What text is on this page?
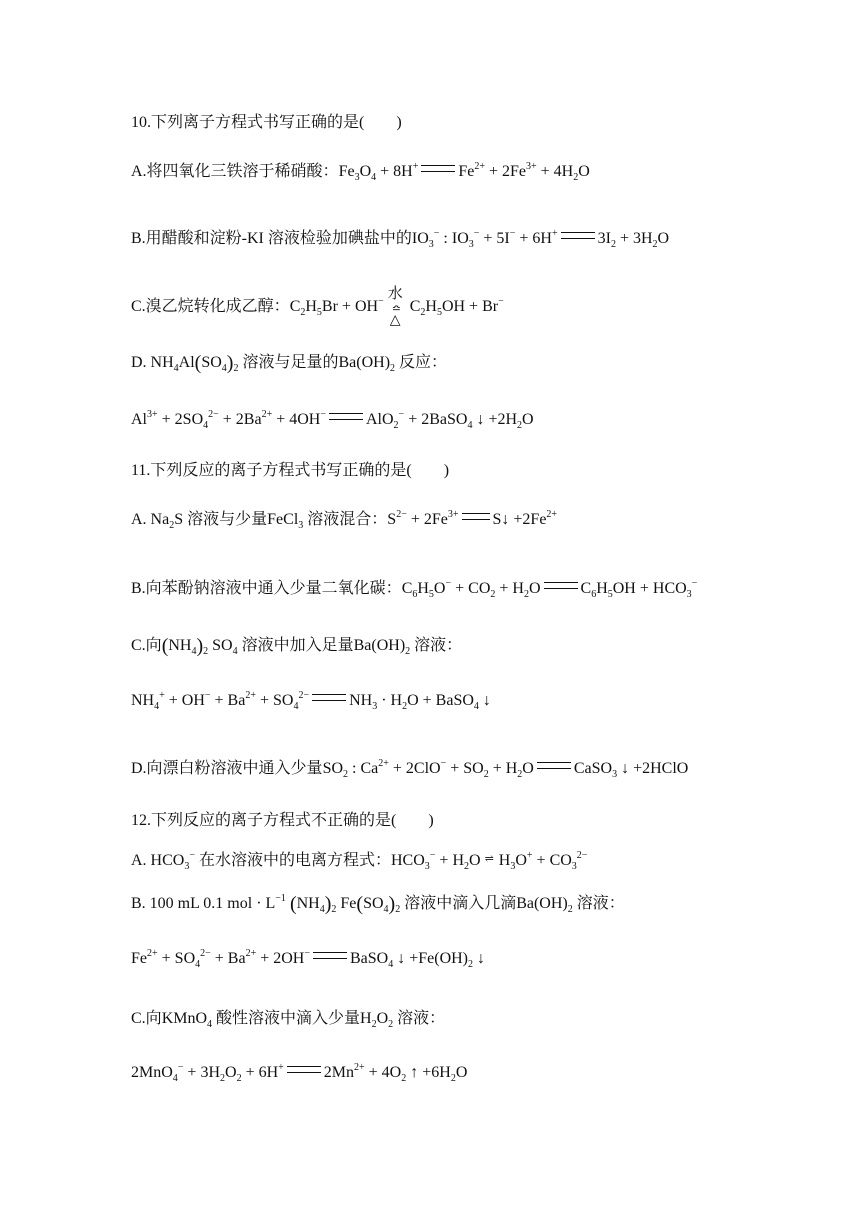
10.下列离子方程式书写正确的是(　　)
A.将四氧化三铁溶于稀硝酸：$Fe_3O_4 + 8H^+$	$Fe^{2+} + 2Fe^{3+} + 4H_2O$
B.用醋酸和淀粉-KI 溶液检验加碘盐中的$IO_3^-$ : $IO_3^- + 5I^- + 6H^+$	$3I_2 + 3H_2O$
C.溴乙烷转化成乙醇：$C_2H_5Br + OH^-$ 水
≏
△
$C_2H_5OH + Br^-$
D. $NH_4Al(SO_4)_2$ 溶液与足量的$Ba(OH)_2$ 反应：
$Al^{3+} + 2SO_4^{2-} + 2Ba^{2+} + 4OH^-$	AlO$_2$− + 2BaSO$_4$ ↓ $+2H_2O$
11.下列反应的离子方程式书写正确的是(　　)
A. $Na_2S$ 溶液与少量FeCl$_3$ 溶液混合：$S^{2-} + 2Fe^{3+}$ S↓ $+2Fe^{2+}$
B.向苯酚钠溶液中通入少量二氧化碳：$C_6H_5O^- + CO_2 + H_2O$	$C_6H_5OH + HCO_3^-$
C.向$(NH_4)_2$ $SO_4$ 溶液中加入足量$Ba(OH)_2$ 溶液：
$NH_4^+ + OH^- + Ba^{2+} + SO_4^{2-}$	$NH_3 \cdot H_2O$ + BaSO$_4$ ↓
D.向漂白粉溶液中通入少量$SO_2$ : $Ca^{2+} + 2ClO^- + SO_2 + H_2O$	CaSO$_3$ ↓ +2HClO
12.下列反应的离子方程式不正确的是(　　)
A. $HCO_3^-$ 在水溶液中的电离方程式：$HCO_3^- + H_2O$ ⇌ $H_3O^+ + CO_3^{2-}$
B. 100 mL 0.1 mol · $L^{-1}$ $(NH_4)_2$ $Fe(SO_4)_2$ 溶液中滴入几滴$Ba(OH)_2$ 溶液：
$Fe^{2+} + SO_4^{2-} + Ba^{2+} + 2OH^-$	BaSO$_4$ ↓ $+Fe(OH)_2$ ↓
C.向KMnO$_4$ 酸性溶液中滴入少量$H_2O_2$ 溶液：
$2MnO_4^- + 3H_2O_2 + 6H^+$	$2Mn^{2+} + 4O_2$ ↑ $+6H_2O$
